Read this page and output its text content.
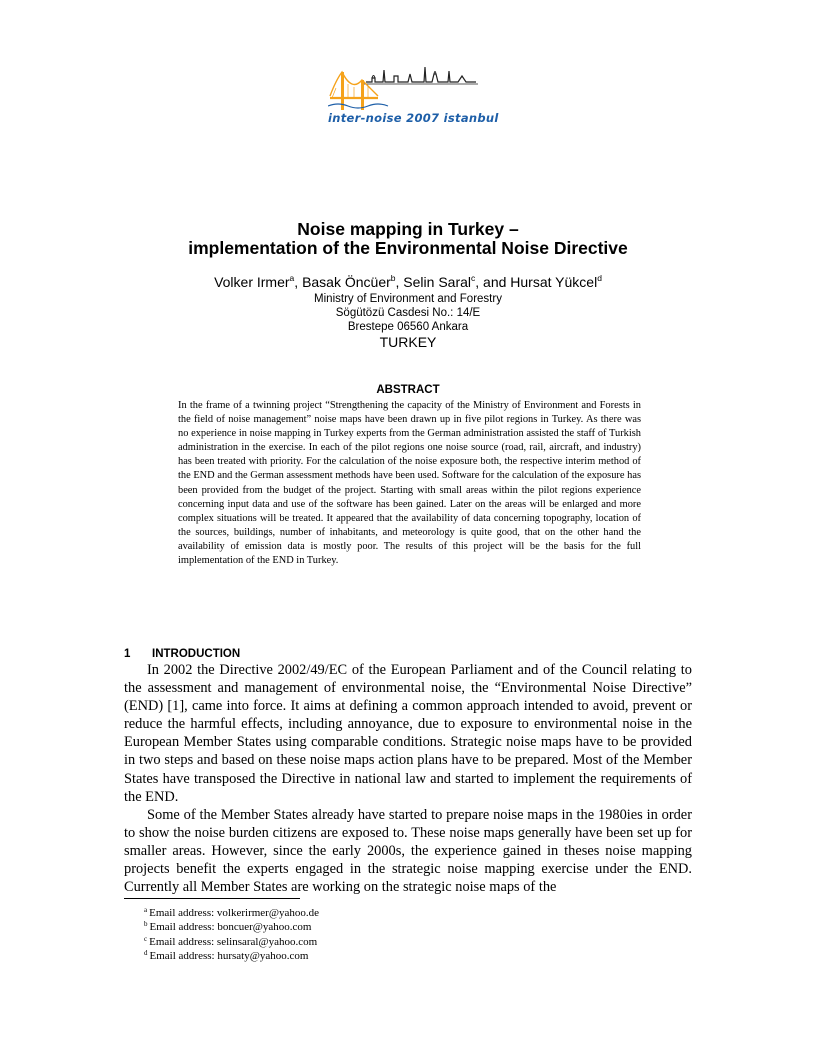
inter-noise 2007 istanbul
Noise mapping in Turkey –
implementation of the Environmental Noise Directive
Volker Irmer$^a$, Basak Öncüer$^b$, Selin Saral$^c$, and Hursat Yükcel$^d$
Ministry of Environment and Forestry
Sögütözü Casdesi No.: 14/E
Brestepe 06560 Ankara
TURKEY
ABSTRACT
In the frame of a twinning project “Strengthening the capacity of the Ministry of Environment and Forests in the field of noise management” noise maps have been drawn up in five pilot regions in Turkey. As there was no experience in noise mapping in Turkey experts from the German administration assisted the staff of Turkish administration in the exercise. In each of the pilot regions one noise source (road, rail, aircraft, and industry) has been treated with priority. For the calculation of the noise exposure both, the respective interim method of the END and the German assessment methods have been used. Software for the calculation of the exposure has been provided from the budget of the project. Starting with small areas within the pilot regions experience concerning input data and use of the software has been gained. Later on the areas will be enlarged and more complex situations will be treated. It appeared that the availability of data concerning topography, location of the sources, buildings, number of inhabitants, and meteorology is quite good, that on the other hand the availability of emission data is mostly poor. The results of this project will be the basis for the full implementation of the END in Turkey.
1 INTRODUCTION

In 2002 the Directive 2002/49/EC of the European Parliament and of the Council relating to the assessment and management of environmental noise, the “Environmental Noise Directive” (END) [1], came into force. It aims at defining a common approach intended to avoid, prevent or reduce the harmful effects, including annoyance, due to exposure to environmental noise in the European Member States using comparable conditions. Strategic noise maps have to be provided in two steps and based on these noise maps action plans have to be prepared. Most of the Member States have transposed the Directive in national law and started to implement the requirements of the END.

Some of the Member States already have started to prepare noise maps in the 1980ies in order to show the noise burden citizens are exposed to. These noise maps generally have been set up for smaller areas. However, since the early 2000s, the experience gained in theses noise mapping projects benefit the experts engaged in the strategic noise mapping exercise under the END. Currently all Member States are working on the strategic noise maps of the

$^a$ Email address: volkerirmer@yahoo.de
$^b$ Email address: boncuer@yahoo.com
$^c$ Email address: selinsaral@yahoo.com
$^d$ Email address: hursaty@yahoo.com
